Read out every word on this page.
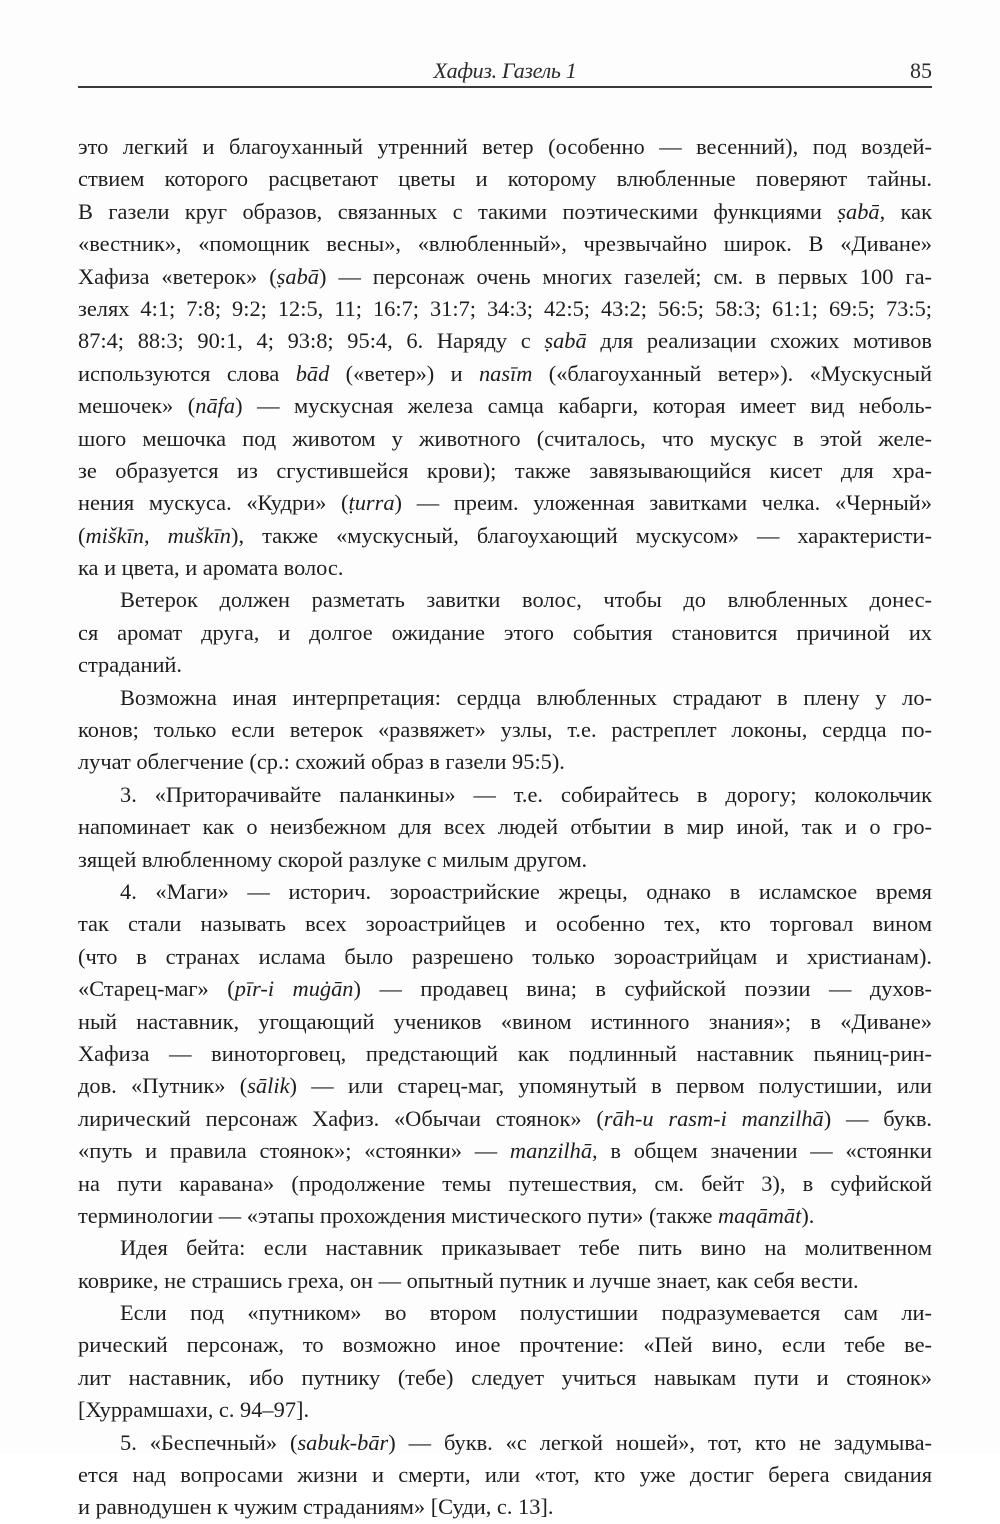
Хафиз. Газель 1	85
это легкий и благоуханный утренний ветер (особенно — весенний), под воздей-
ствием которого расцветают цветы и которому влюбленные поверяют тайны.
В газели круг образов, связанных с такими поэтическими функциями ṣabā, как
«вестник», «помощник весны», «влюбленный», чрезвычайно широк. В «Диване»
Хафиза «ветерок» (ṣabā) — персонаж очень многих газелей; см. в первых 100 га-
зелях 4:1; 7:8; 9:2; 12:5, 11; 16:7; 31:7; 34:3; 42:5; 43:2; 56:5; 58:3; 61:1; 69:5; 73:5;
87:4; 88:3; 90:1, 4; 93:8; 95:4, 6. Наряду с ṣabā для реализации схожих мотивов
используются слова bād («ветер») и nasīm («благоуханный ветер»). «Мускусный
мешочек» (nāfa) — мускусная железа самца кабарги, которая имеет вид неболь-
шого мешочка под животом у животного (считалось, что мускус в этой желе-
зе образуется из сгустившейся крови); также завязывающийся кисет для хра-
нения мускуса. «Кудри» (ṭurra) — преим. уложенная завитками челка. «Черный»
(miškīn, muškīn), также «мускусный, благоухающий мускусом» — характеристи-
ка и цвета, и аромата волос.
Ветерок должен разметать завитки волос, чтобы до влюбленных донес-
ся аромат друга, и долгое ожидание этого события становится причиной их
страданий.
Возможна иная интерпретация: сердца влюбленных страдают в плену у ло-
конов; только если ветерок «развяжет» узлы, т.е. растреплет локоны, сердца по-
лучат облегчение (ср.: схожий образ в газели 95:5).
3. «Приторачивайте паланкины» — т.е. собирайтесь в дорогу; колокольчик
напоминает как о неизбежном для всех людей отбытии в мир иной, так и о гро-
зящей влюбленному скорой разлуке с милым другом.
4. «Маги» — историч. зороастрийские жрецы, однако в исламское время
так стали называть всех зороастрийцев и особенно тех, кто торговал вином
(что в странах ислама было разрешено только зороастрийцам и христианам).
«Старец-маг» (pīr-i muġān) — продавец вина; в суфийской поэзии — духов-
ный наставник, угощающий учеников «вином истинного знания»; в «Диване»
Хафиза — виноторговец, предстающий как подлинный наставник пьяниц-рин-
дов. «Путник» (sālik) — или старец-маг, упомянутый в первом полустишии, или
лирический персонаж Хафиз. «Обычаи стоянок» (rāh-u rasm-i manzilhā) — букв.
«путь и правила стоянок»; «стоянки» — manzilhā, в общем значении — «стоянки
на пути каравана» (продолжение темы путешествия, см. бейт 3), в суфийской
терминологии — «этапы прохождения мистического пути» (также maqāmāt).
Идея бейта: если наставник приказывает тебе пить вино на молитвенном
коврике, не страшись греха, он — опытный путник и лучше знает, как себя вести.
Если под «путником» во втором полустишии подразумевается сам ли-
рический персонаж, то возможно иное прочтение: «Пей вино, если тебе ве-
лит наставник, ибо путнику (тебе) следует учиться навыкам пути и стоянок»
[Хуррамшахи, с. 94–97].
5. «Беспечный» (sabuk-bār) — букв. «с легкой ношей», тот, кто не задумыва-
ется над вопросами жизни и смерти, или «тот, кто уже достиг берега свидания
и равнодушен к чужим страданиям» [Суди, с. 13].
